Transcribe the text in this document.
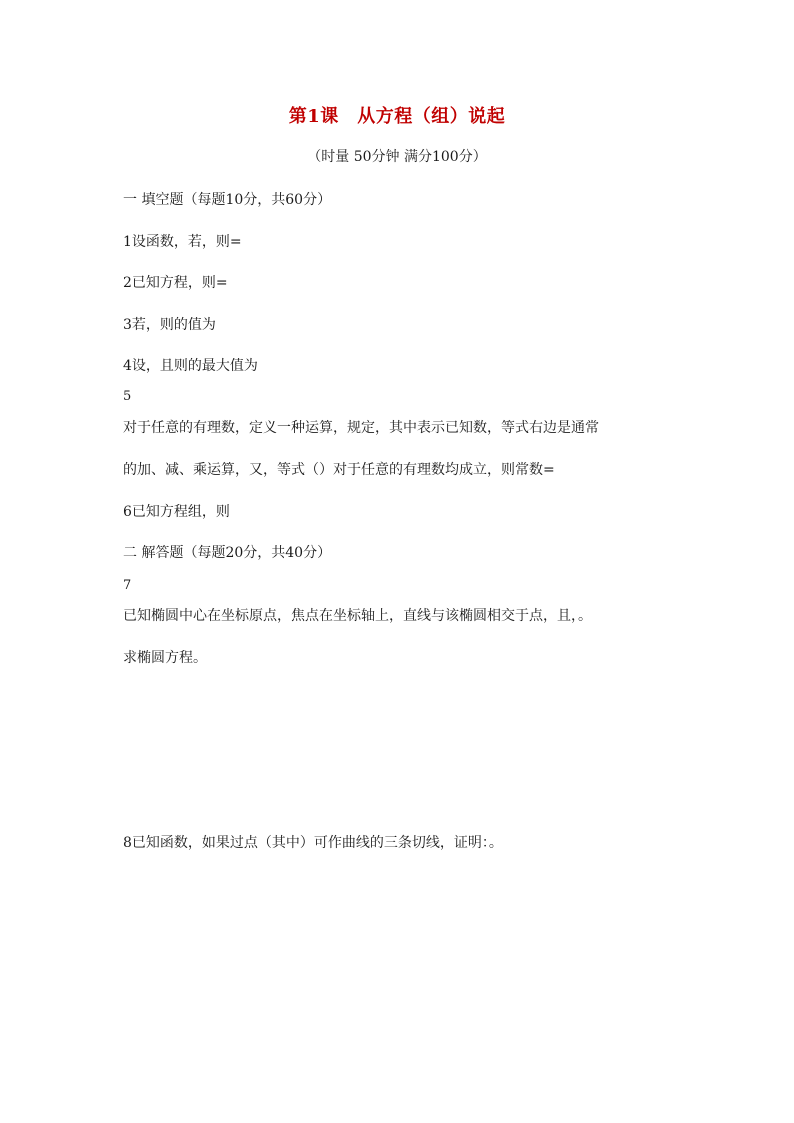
第1课　从方程（组）说起
（时量 50分钟 满分100分）
一 填空题（每题10分，共60分）
1设函数，若，则=
2已知方程，则=
3若，则的值为
4设，且则的最大值为
5
对于任意的有理数，定义一种运算，规定，其中表示已知数，等式右边是通常
的加、减、乘运算，又，等式（）对于任意的有理数均成立，则常数=
6已知方程组，则
二 解答题（每题20分，共40分）
7
已知椭圆中心在坐标原点，焦点在坐标轴上，直线与该椭圆相交于点，且，。
求椭圆方程。
8已知函数，如果过点（其中）可作曲线的三条切线，证明：。
